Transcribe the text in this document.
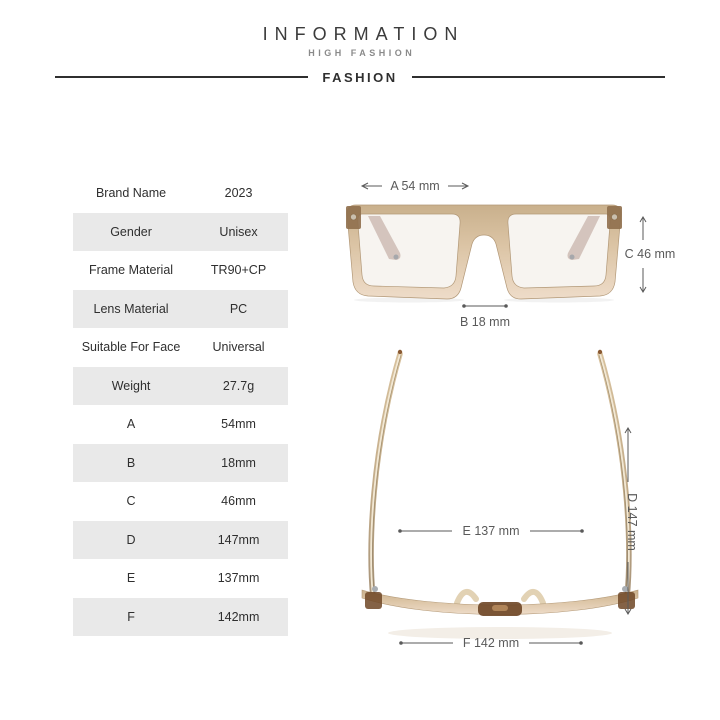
INFORMATION
HIGH FASHION
FASHION
Brand Name	2023
Gender	Unisex
Frame Material	TR90+CP
Lens Material	PC
Suitable For Face	Universal
Weight	27.7g
A	54mm
B	18mm
C	46mm
D	147mm
E	137mm
F	142mm
A 54 mm
C 46 mm
B 18 mm
E 137 mm	D 147 mm
F 142 mm
